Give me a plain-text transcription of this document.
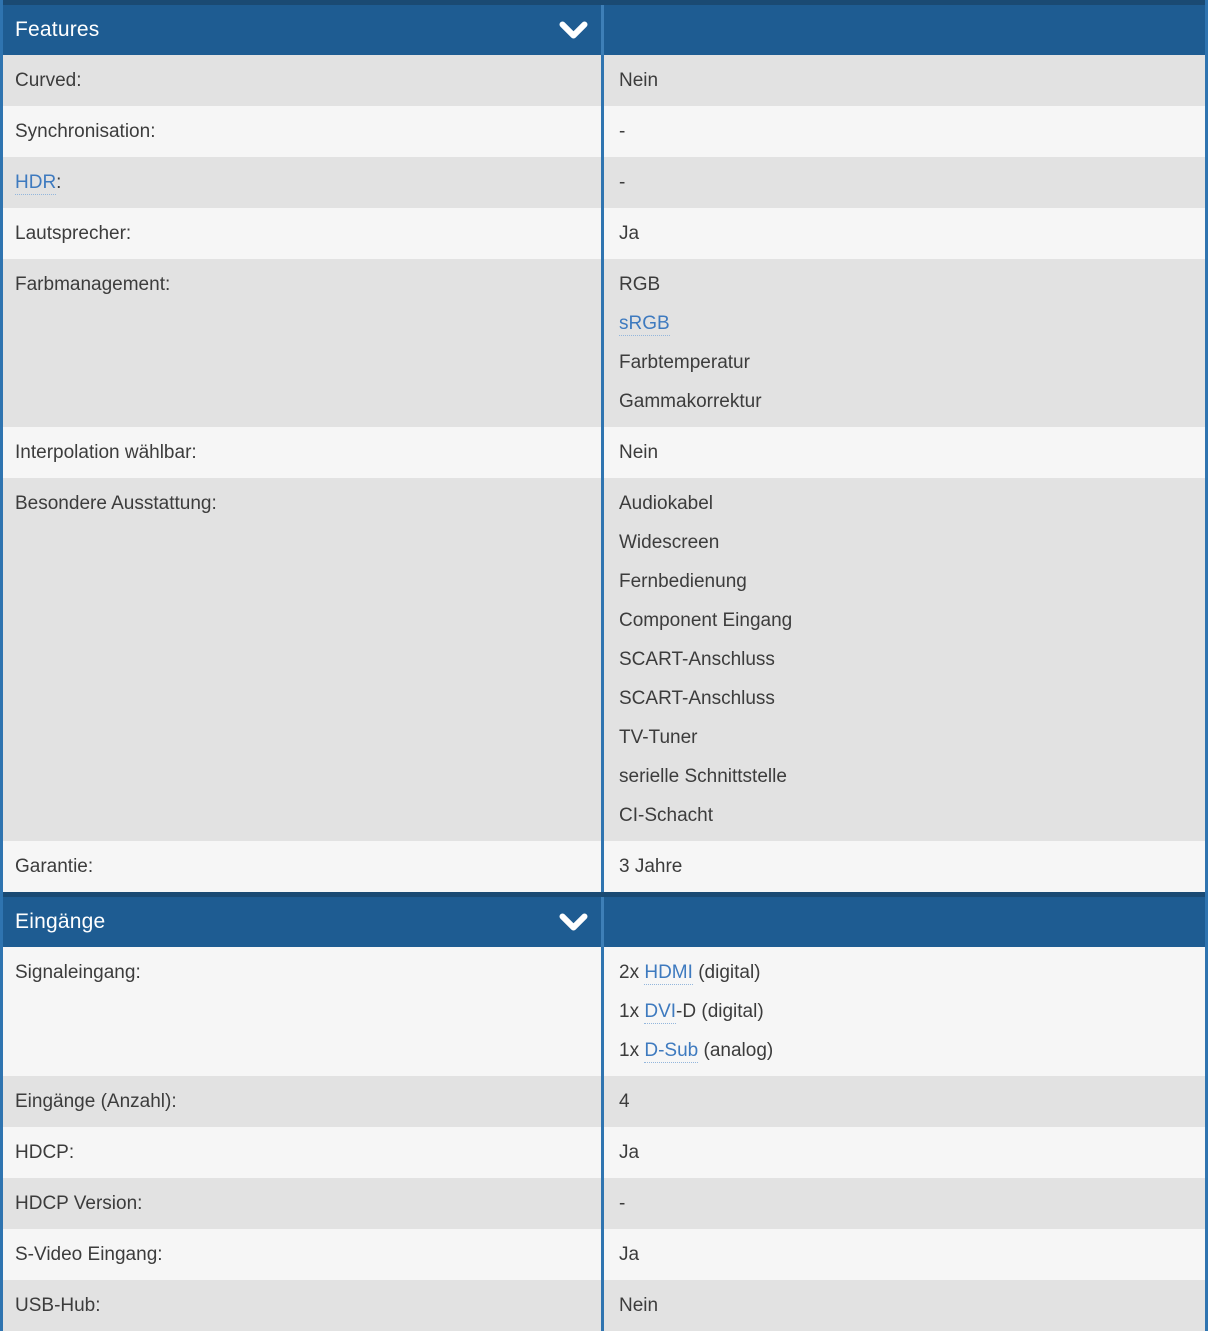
Features
Curved:	Nein
Synchronisation:	-
HDR:	-
Lautsprecher:	Ja
Farbmanagement:	RGB
sRGB
Farbtemperatur
Gammakorrektur
Interpolation wählbar:	Nein
Besondere Ausstattung:	Audiokabel
Widescreen
Fernbedienung
Component Eingang
SCART-Anschluss
SCART-Anschluss
TV-Tuner
serielle Schnittstelle
CI-Schacht
Garantie:	3 Jahre
Eingänge
Signaleingang:	2x HDMI (digital)
1x DVI-D (digital)
1x D-Sub (analog)
Eingänge (Anzahl):	4
HDCP:	Ja
HDCP Version:	-
S-Video Eingang:	Ja
USB-Hub:	Nein
